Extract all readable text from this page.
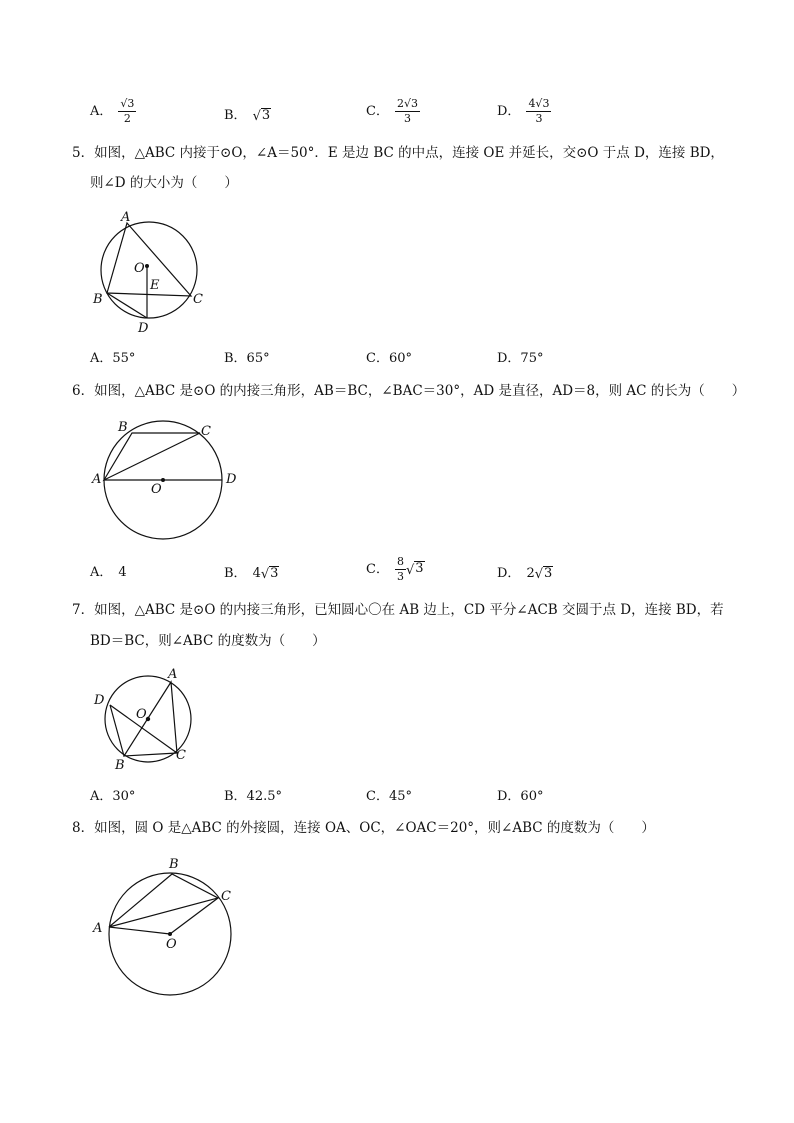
A． $\frac{√3}{2}$	B． √ 3	C． $\frac{2√3}{3}$	D． $\frac{4√3}{3}$
5．如图，△ABC 内接于⊙O，∠A＝50°．E 是边 BC 的中点，连接 OE 并延长，交⊙O 于点 D，连接 BD，
则∠D 的大小为（　　）
A
O
E
B	C
D
A．55°	B．65°	C．60°	D．75°
6．如图，△ABC 是⊙O 的内接三角形，AB＝BC，∠BAC＝30°，AD 是直径，AD＝8，则 AC 的长为（　　）
B	C
A	D
O
A． 4	B． 4 √ 3	C． $\frac{8}{3}$ √ 3	D． 2 √ 3
7．如图，△ABC 是⊙O 的内接三角形，已知圆心〇在 AB 边上，CD 平分∠ACB 交圆于点 D，连接 BD，若
BD＝BC，则∠ABC 的度数为（　　）
A
D
O
C
B
A．30°	B．42.5°	C．45°	D．60°
8．如图，圆 O 是△ABC 的外接圆，连接 OA、OC，∠OAC＝20°，则∠ABC 的度数为（　　）
B
C
A
O
